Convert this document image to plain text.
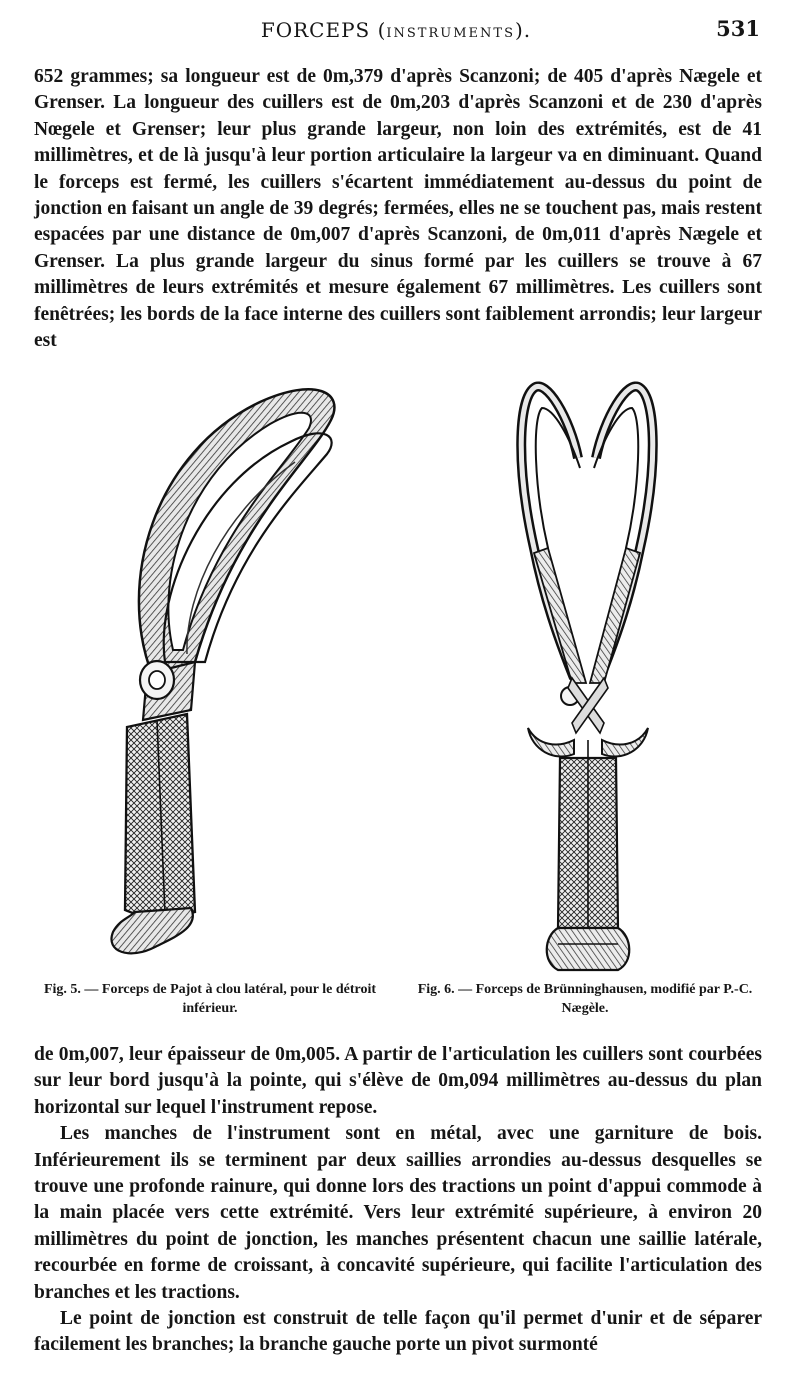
FORCEPS (INSTRUMENTS).	531

652 grammes; sa longueur est de 0m,379 d'après Scanzoni; de 405 d'après Nægele et Grenser. La longueur des cuillers est de 0m,203 d'après Scanzoni et de 230 d'après Nœgele et Grenser; leur plus grande largeur, non loin des extrémités, est de 41 millimètres, et de là jusqu'à leur portion articulaire la largeur va en diminuant. Quand le forceps est fermé, les cuillers s'écartent immédiatement au-dessus du point de jonction en faisant un angle de 39 degrés; fermées, elles ne se touchent pas, mais restent espacées par une distance de 0m,007 d'après Scanzoni, de 0m,011 d'après Nægele et Grenser. La plus grande largeur du sinus formé par les cuillers se trouve à 67 millimètres de leurs extrémités et mesure également 67 millimètres. Les cuillers sont fenêtrées; les bords de la face interne des cuillers sont faiblement arrondis; leur largeur est

Fig. 5. — Forceps de Pajot à clou latéral, pour le détroit inférieur.
Fig. 6. — Forceps de Brünninghausen, modifié par P.-C. Nægèle.

de 0m,007, leur épaisseur de 0m,005. A partir de l'articulation les cuillers sont courbées sur leur bord jusqu'à la pointe, qui s'élève de 0m,094 millimètres au-dessus du plan horizontal sur lequel l'instrument repose.

Les manches de l'instrument sont en métal, avec une garniture de bois. Inférieurement ils se terminent par deux saillies arrondies au-dessus desquelles se trouve une profonde rainure, qui donne lors des tractions un point d'appui commode à la main placée vers cette extrémité. Vers leur extrémité supérieure, à environ 20 millimètres du point de jonction, les manches présentent chacun une saillie latérale, recourbée en forme de croissant, à concavité supérieure, qui facilite l'articulation des branches et les tractions.

Le point de jonction est construit de telle façon qu'il permet d'unir et de séparer facilement les branches; la branche gauche porte un pivot surmonté
